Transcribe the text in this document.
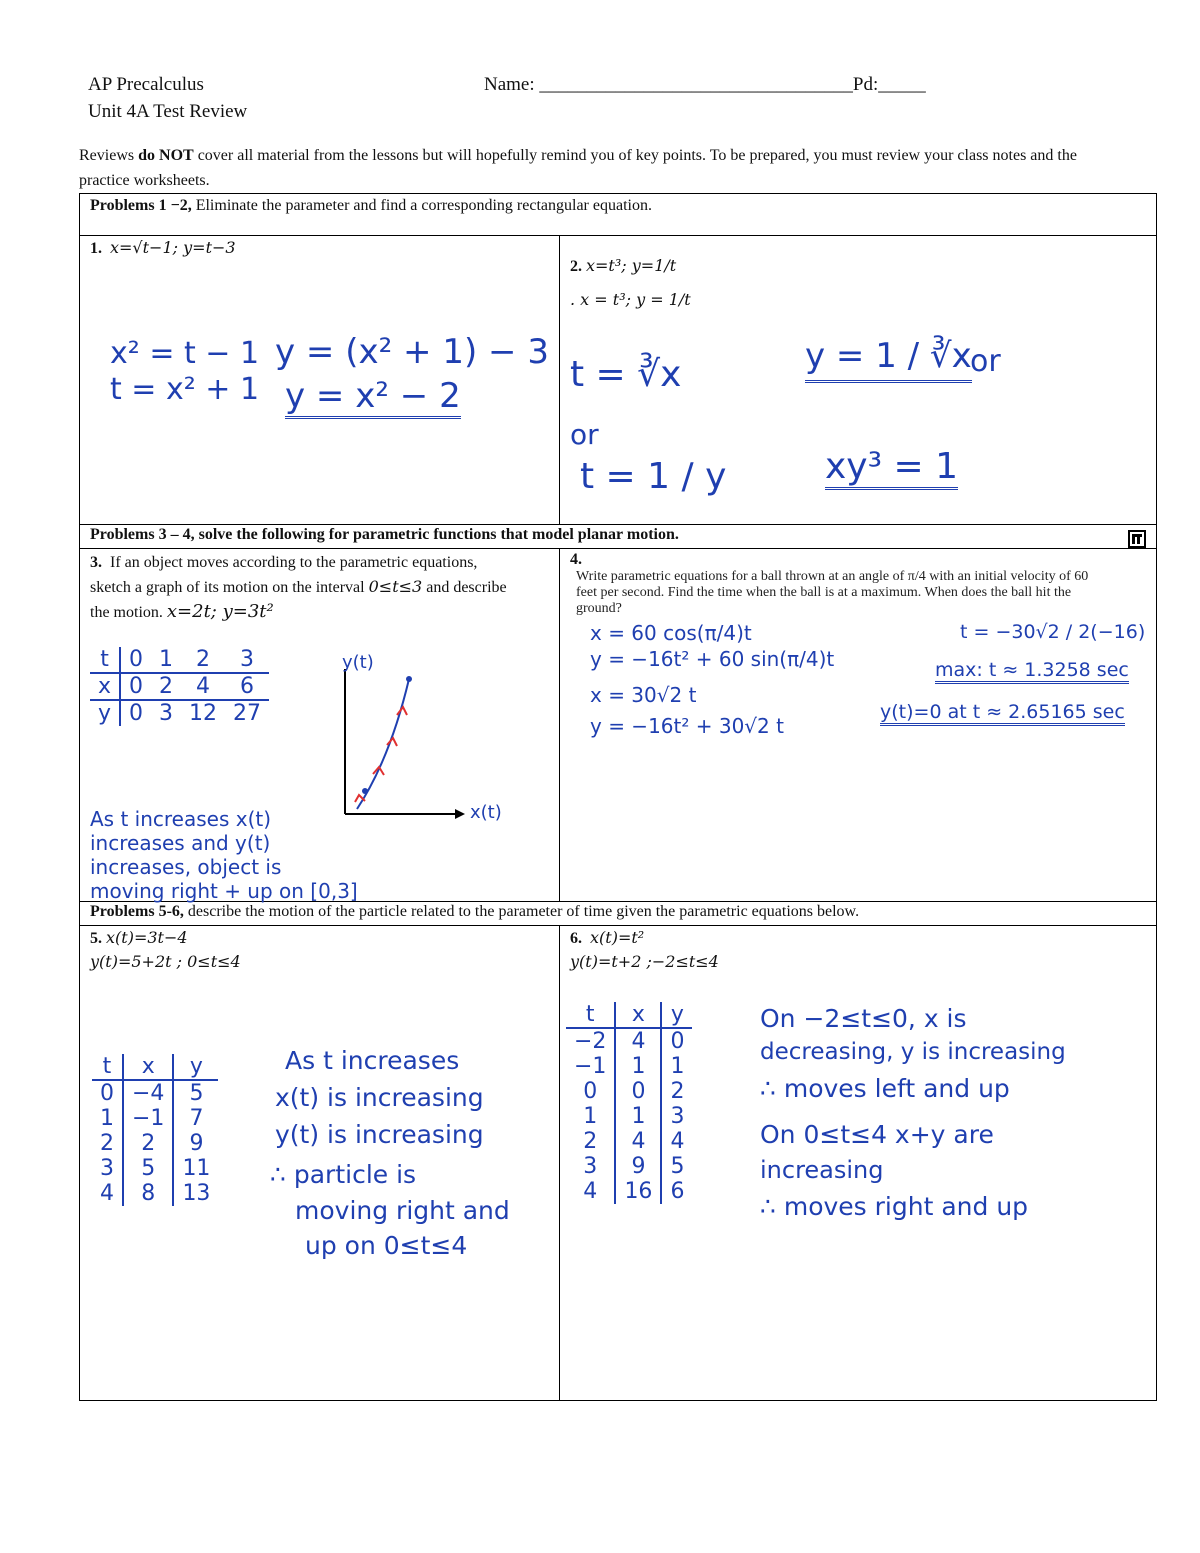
AP Precalculus
Unit 4A Test Review
Name: _________________________________Pd:_____
Reviews do NOT cover all material from the lessons but will hopefully remind you of key points. To be prepared, you must review your class notes and the practice worksheets.
Problems 1 −2, Eliminate the parameter and find a corresponding rectangular equation.

1. x=√t−1; y=t−3
x² = t − 1
t = x² + 1
y = (x² + 1) − 3
y = x² − 2

2. x=t³; y=1/t
. x = t³; y = 1/t
t = ∛x	y = 1 / ∛x
or
or
t = 1 / y	xy³ = 1

Problems 3 – 4, solve the following for parametric functions that model planar motion.

3. If an object moves according to the parametric equations, sketch a graph of its motion on the interval 0≤t≤3 and describe the motion. x=2t; y=3t²
t	0	1	2	3
x	0	2	4	6
y	0	3	12	27
y(t)
x(t)
As t increases x(t)
increases and y(t)
increases, object is
moving right + up on [0,3]

4.
Write parametric equations for a ball thrown at an angle of π/4 with an initial velocity of 60 feet per second. Find the time when the ball is at a maximum. When does the ball hit the ground?
x = 60 cos(π/4)t
y = −16t² + 60 sin(π/4)t
x = 30√2 t
y = −16t² + 30√2 t
t = −30√2 / 2(−16)
max: t ≈ 1.3258 sec
y(t)=0 at t ≈ 2.65165 sec

Problems 5-6, describe the motion of the particle related to the parameter of time given the parametric equations below.

5. x(t)=3t−4
y(t)=5+2t ; 0≤t≤4
t	x	y
0	−4	5
1	−1	7
2	2	9
3	5	11
4	8	13
As t increases
x(t) is increasing
y(t) is increasing
∴ particle is
moving right and
up on 0≤t≤4

6. x(t)=t²
y(t)=t+2 ;−2≤t≤4
t	x	y
−2	4	0
−1	1	1
0	0	2
1	1	3
2	4	4
3	9	5
4	16	6
On −2≤t≤0, x is
decreasing, y is increasing
∴ moves left and up
On 0≤t≤4 x+y are
increasing
∴ moves right and up
